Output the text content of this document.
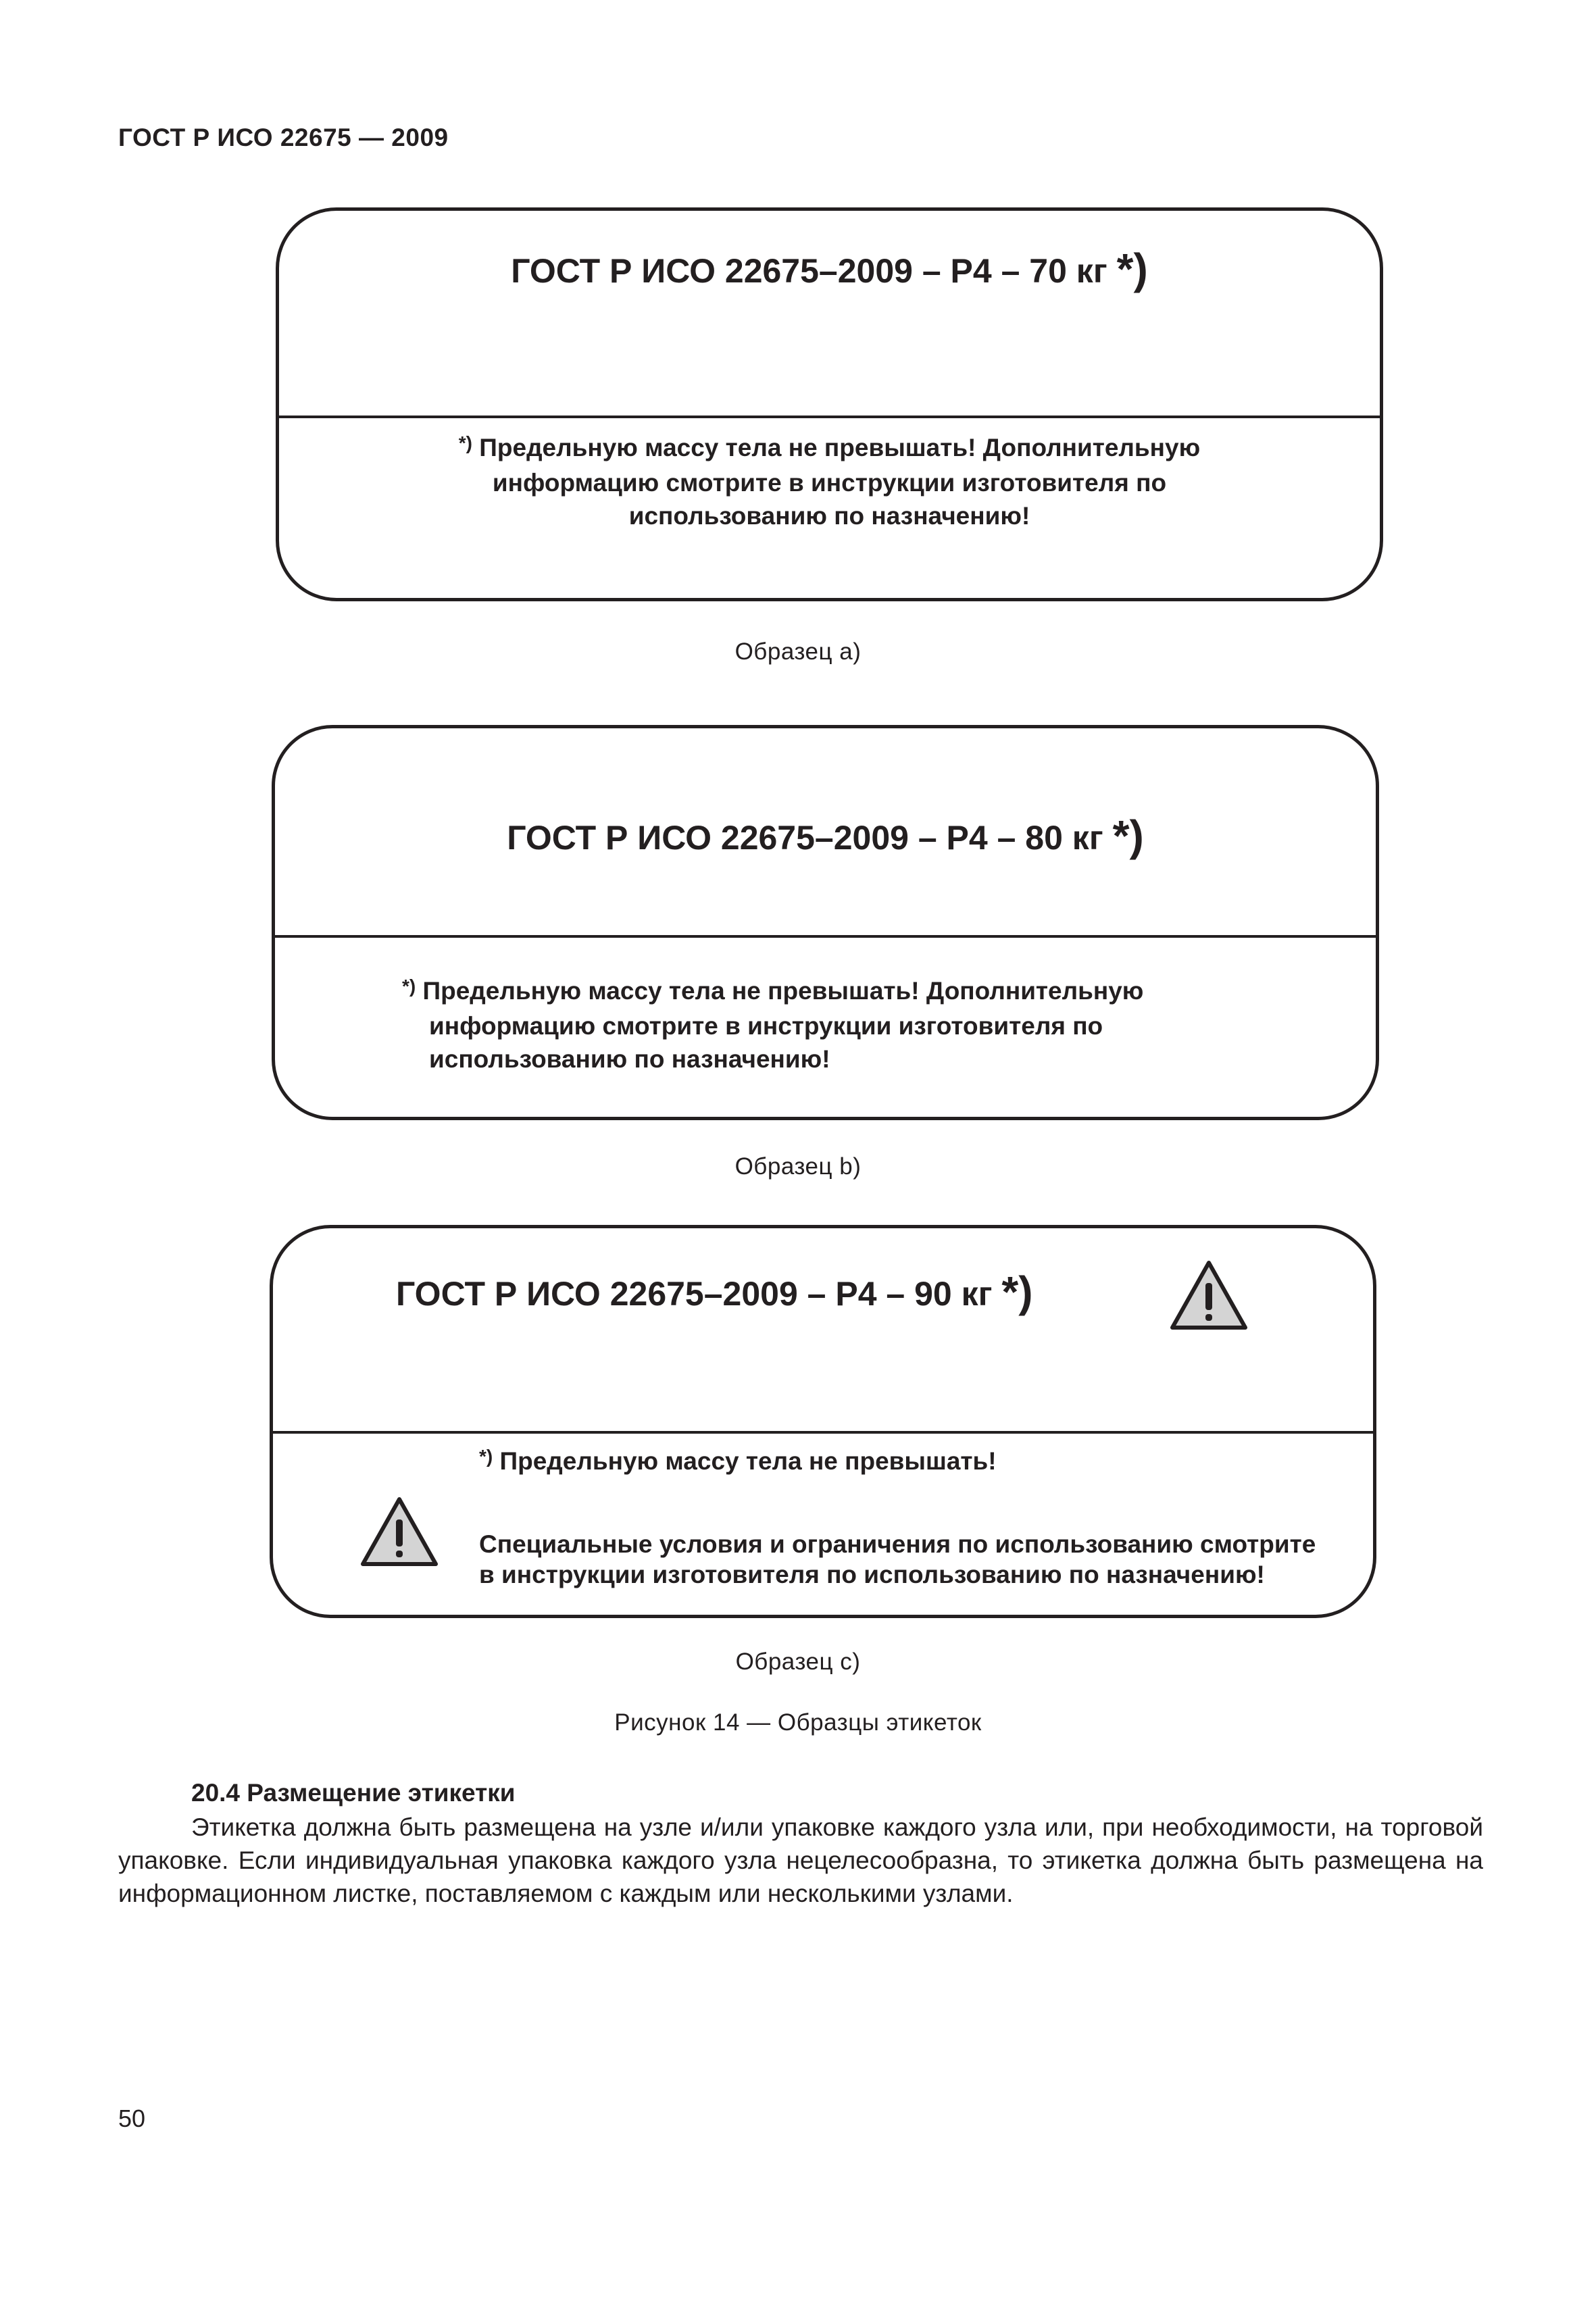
ГОСТ Р ИСО 22675 — 2009
ГОСТ Р ИСО 22675–2009 – P4 – 70 кг *)
*) Предельную массу тела не превышать! Дополнительную
информацию смотрите в инструкции изготовителя по
использованию по назначению!
Образец а)
ГОСТ Р ИСО 22675–2009 – P4 – 80 кг *)
*) Предельную массу тела не превышать! Дополнительную
информацию смотрите в инструкции изготовителя по
использованию по назначению!
Образец b)
ГОСТ Р ИСО 22675–2009 – P4 – 90 кг *)
*) Предельную массу тела не превышать!
Специальные условия и ограничения по использованию смотрите
в инструкции изготовителя по использованию по назначению!
Образец с)
Рисунок 14 — Образцы этикеток
20.4 Размещение этикетки
Этикетка должна быть размещена на узле и/или упаковке каждого узла или, при необходимости, на торговой упаковке. Если индивидуальная упаковка каждого узла нецелесообразна, то этикетка должна быть размещена на информационном листке, поставляемом с каждым или несколькими узлами.
50
